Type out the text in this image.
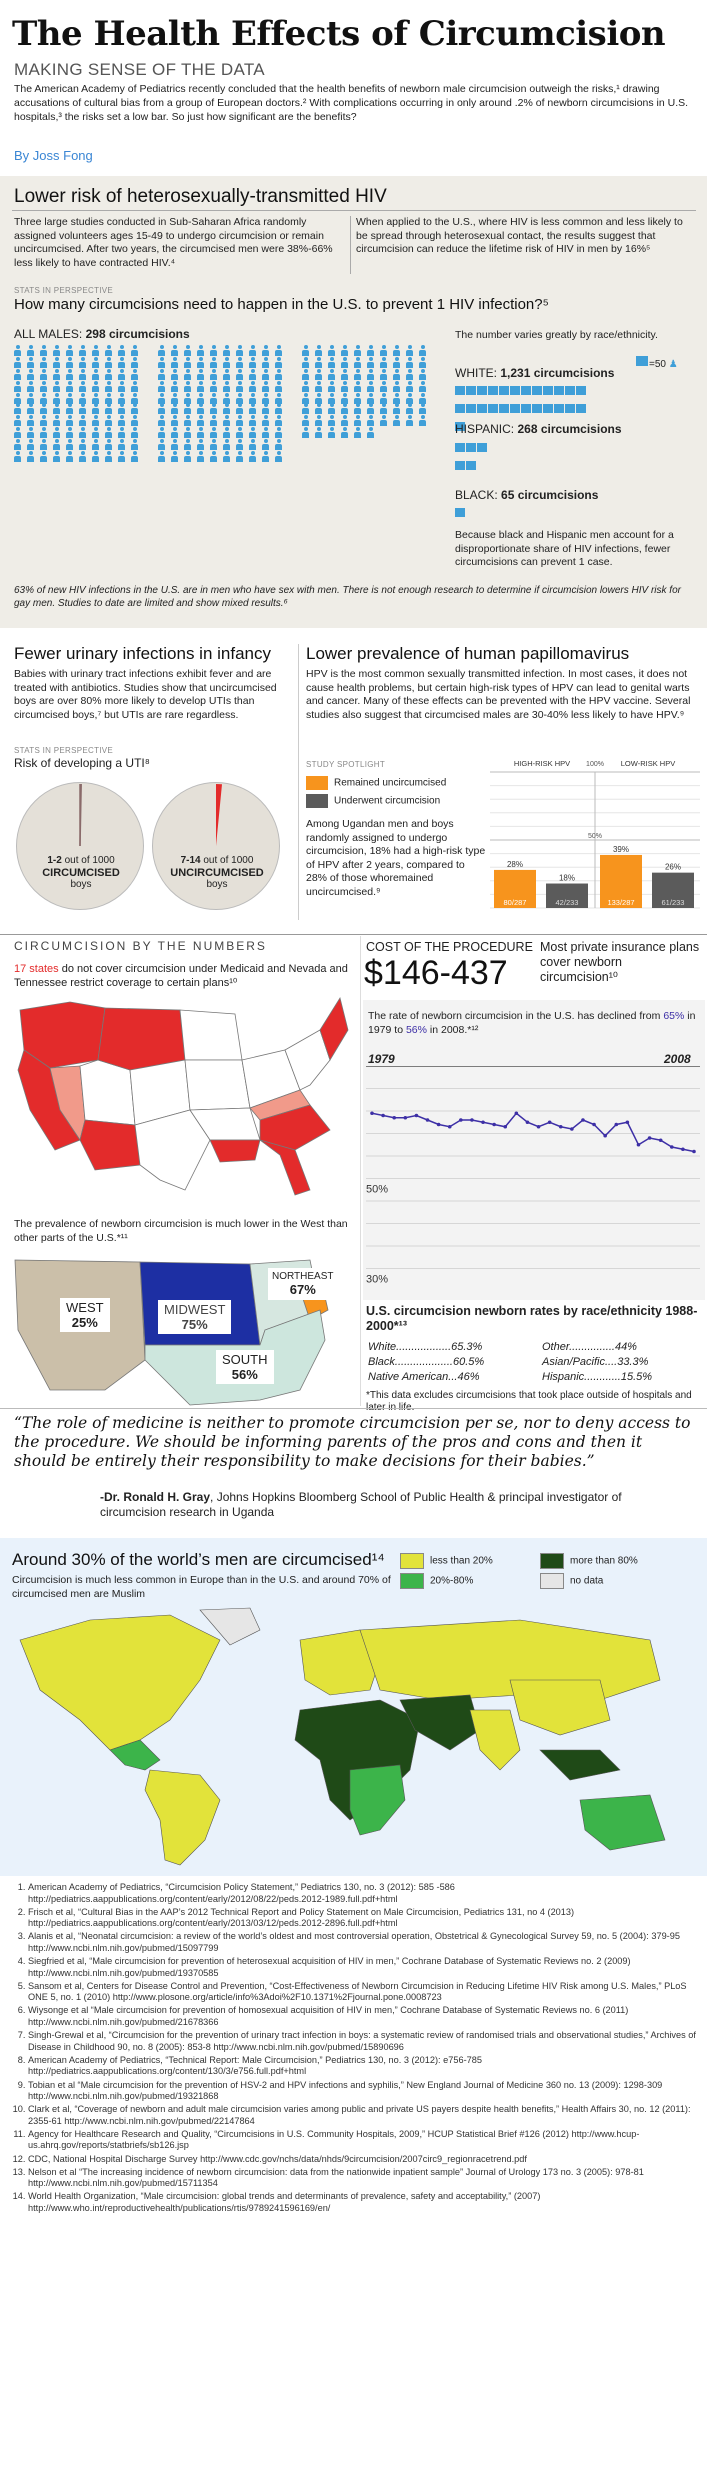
The Health Effects of Circumcision
MAKING SENSE OF THE DATA
The American Academy of Pediatrics recently concluded that the health benefits of newborn male circumcision outweigh the risks,¹ drawing accusations of cultural bias from a group of European doctors.² With complications occurring in only around .2% of newborn circumcisions in U.S. hospitals,³ the risks set a low bar. So just how significant are the benefits?
By Joss Fong
Lower risk of heterosexually-transmitted HIV
Three large studies conducted in Sub-Saharan Africa randomly assigned volunteers ages 15-49 to undergo circumcision or remain uncircumcised. After two years, the circumcised men were 38%-66% less likely to have contracted HIV.⁴
When applied to the U.S., where HIV is less common and less likely to be spread through heterosexual contact, the results suggest that circumcision can reduce the lifetime risk of HIV in men by 16%⁵
STATS IN PERSPECTIVE
How many circumcisions need to happen in the U.S. to prevent 1 HIV infection?⁵
ALL MALES: 298 circumcisions	The number varies greatly by race/ethnicity.
=50 ♟
WHITE: 1,231 circumcisions

HISPANIC: 268 circumcisions

BLACK: 65 circumcisions
Because black and Hispanic men account for a disproportionate share of HIV infections, fewer circumcisions can prevent 1 case.
63% of new HIV infections in the U.S. are in men who have sex with men. There is not enough research to determine if circumcision lowers HIV risk for gay men. Studies to date are limited and show mixed results.⁶
Fewer urinary infections in infancy
Babies with urinary tract infections exhibit fever and are treated with antibiotics. Studies show that uncircumcised boys are over 80% more likely to develop UTIs than circumcised boys,⁷ but UTIs are rare regardless.
STATS IN PERSPECTIVE
Risk of developing a UTI⁸
1-2 out of 1000
CIRCUMCISED
boys
7-14 out of 1000
UNCIRCUMCISED
boys
Lower prevalence of human papillomavirus
HPV is the most common sexually transmitted infection. In most cases, it does not cause health problems, but certain high-risk types of HPV can lead to genital warts and cancer. Many of these effects can be prevented with the HPV vaccine. Several studies also suggest that circumcised males are 30-40% less likely to have HPV.⁹
STUDY SPOTLIGHT
Remained uncircumcised
Underwent circumcision
Among Ugandan men and boys randomly assigned to undergo circumcision, 18% had a high-risk type of HPV after 2 years, compared to 28% of those whoremained uncircumcised.⁹
100%
50%
HIGH-RISK HPV	LOW-RISK HPV
28%
80/287
18%
42/233
39%
133/287
26%
61/233
CIRCUMCISION BY THE NUMBERS
17 states do not cover circumcision under Medicaid and Nevada and Tennessee restrict coverage to certain plans¹⁰
The prevalence of newborn circumcision is much lower in the West than other parts of the U.S.*¹¹
WEST
25%
MIDWEST
75%
NORTHEAST
67%
SOUTH
56%
COST OF THE PROCEDURE
$146-437
Most private insurance plans cover newborn circumcision¹⁰
The rate of newborn circumcision in the U.S. has declined from 65% in 1979 to 56% in 2008.*¹²
1979	2008
50%
30%
U.S. circumcision newborn rates by race/ethnicity 1988-2000*¹³
White..................65.3%
Black...................60.5%
Native American...46%
Other...............44%
Asian/Pacific....33.3%
Hispanic............15.5%
*This data excludes circumcisions that took place outside of hospitals and
“The role of medicine is neither to promote circumcision per se, nor to deny access to the procedure. We should be informing parents of the pros and cons and then it should be entirely their responsibility to make decisions for their babies.”
-Dr. Ronald H. Gray, Johns Hopkins Bloomberg School of Public Health & principal investigator of circumcision research in Uganda
Around 30% of the world’s men are circumcised¹⁴
Circumcision is much less common in Europe than in the U.S. and around 70% of circumcised men are Muslim
less than 20%	more than 80%
20%-80%	no data
1. American Academy of Pediatrics, “Circumcision Policy Statement,” Pediatrics 130, no. 3 (2012): 585 -586 http://pediatrics.aappublications.org/content/early/2012/08/22/peds.2012-1989.full.pdf+html
2. Frisch et al, “Cultural Bias in the AAP’s 2012 Technical Report and Policy Statement on Male Circumcision, Pediatrics 131, no 4 (2013) http://pediatrics.aappublications.org/content/early/2013/03/12/peds.2012-2896.full.pdf+html
3. Alanis et al, “Neonatal circumcision: a review of the world’s oldest and most controversial operation, Obstetrical & Gynecological Survey 59, no. 5 (2004): 379-95 http://www.ncbi.nlm.nih.gov/pubmed/15097799
4. Siegfried et al, “Male circumcision for prevention of heterosexual acquisition of HIV in men,” Cochrane Database of Systematic Reviews no. 2 (2009) http://www.ncbi.nlm.nih.gov/pubmed/19370585
5. Sansom et al, Centers for Disease Control and Prevention, “Cost-Effectiveness of Newborn Circumcision in Reducing Lifetime HIV Risk among U.S. Males,” PLoS ONE 5, no. 1 (2010) http://www.plosone.org/article/info%3Adoi%2F10.1371%2Fjournal.pone.0008723
6. Wiysonge et al “Male circumcision for prevention of homosexual acquisition of HIV in men,” Cochrane Database of Systematic Reviews no. 6 (2011) http://www.ncbi.nlm.nih.gov/pubmed/21678366
7. Singh-Grewal et al, “Circumcision for the prevention of urinary tract infection in boys: a systematic review of randomised trials and observational studies,” Archives of Disease in Childhood 90, no. 8 (2005): 853-8 http://www.ncbi.nlm.nih.gov/pubmed/15890696
8. American Academy of Pediatrics, “Technical Report: Male Circumcision,” Pediatrics 130, no. 3 (2012): e756-785 http://pediatrics.aappublications.org/content/130/3/e756.full.pdf+html
9. Tobian et al “Male circumcision for the prevention of HSV-2 and HPV infections and syphilis,” New England Journal of Medicine 360 no. 13 (2009): 1298-309 http://www.ncbi.nlm.nih.gov/pubmed/19321868
10. Clark et al, “Coverage of newborn and adult male circumcision varies among public and private US payers despite health benefits,” Health Affairs 30, no. 12 (2011): 2355-61 http://www.ncbi.nlm.nih.gov/pubmed/22147864
11. Agency for Healthcare Research and Quality, “Circumcisions in U.S. Community Hospitals, 2009,” HCUP Statistical Brief #126 (2012) http://www.hcup-us.ahrq.gov/reports/statbriefs/sb126.jsp
12. CDC, National Hospital Discharge Survey http://www.cdc.gov/nchs/data/nhds/9circumcision/2007circ9_regionracetrend.pdf
13. Nelson et al “The increasing incidence of newborn circumcision: data from the nationwide inpatient sample” Journal of Urology 173 no. 3 (2005): 978-81 http://www.ncbi.nlm.nih.gov/pubmed/15711354
14. World Health Organization, “Male circumcision: global trends and determinants of prevalence, safety and acceptability,” (2007) http://www.who.int/reproductivehealth/publications/rtis/9789241596169/en/
